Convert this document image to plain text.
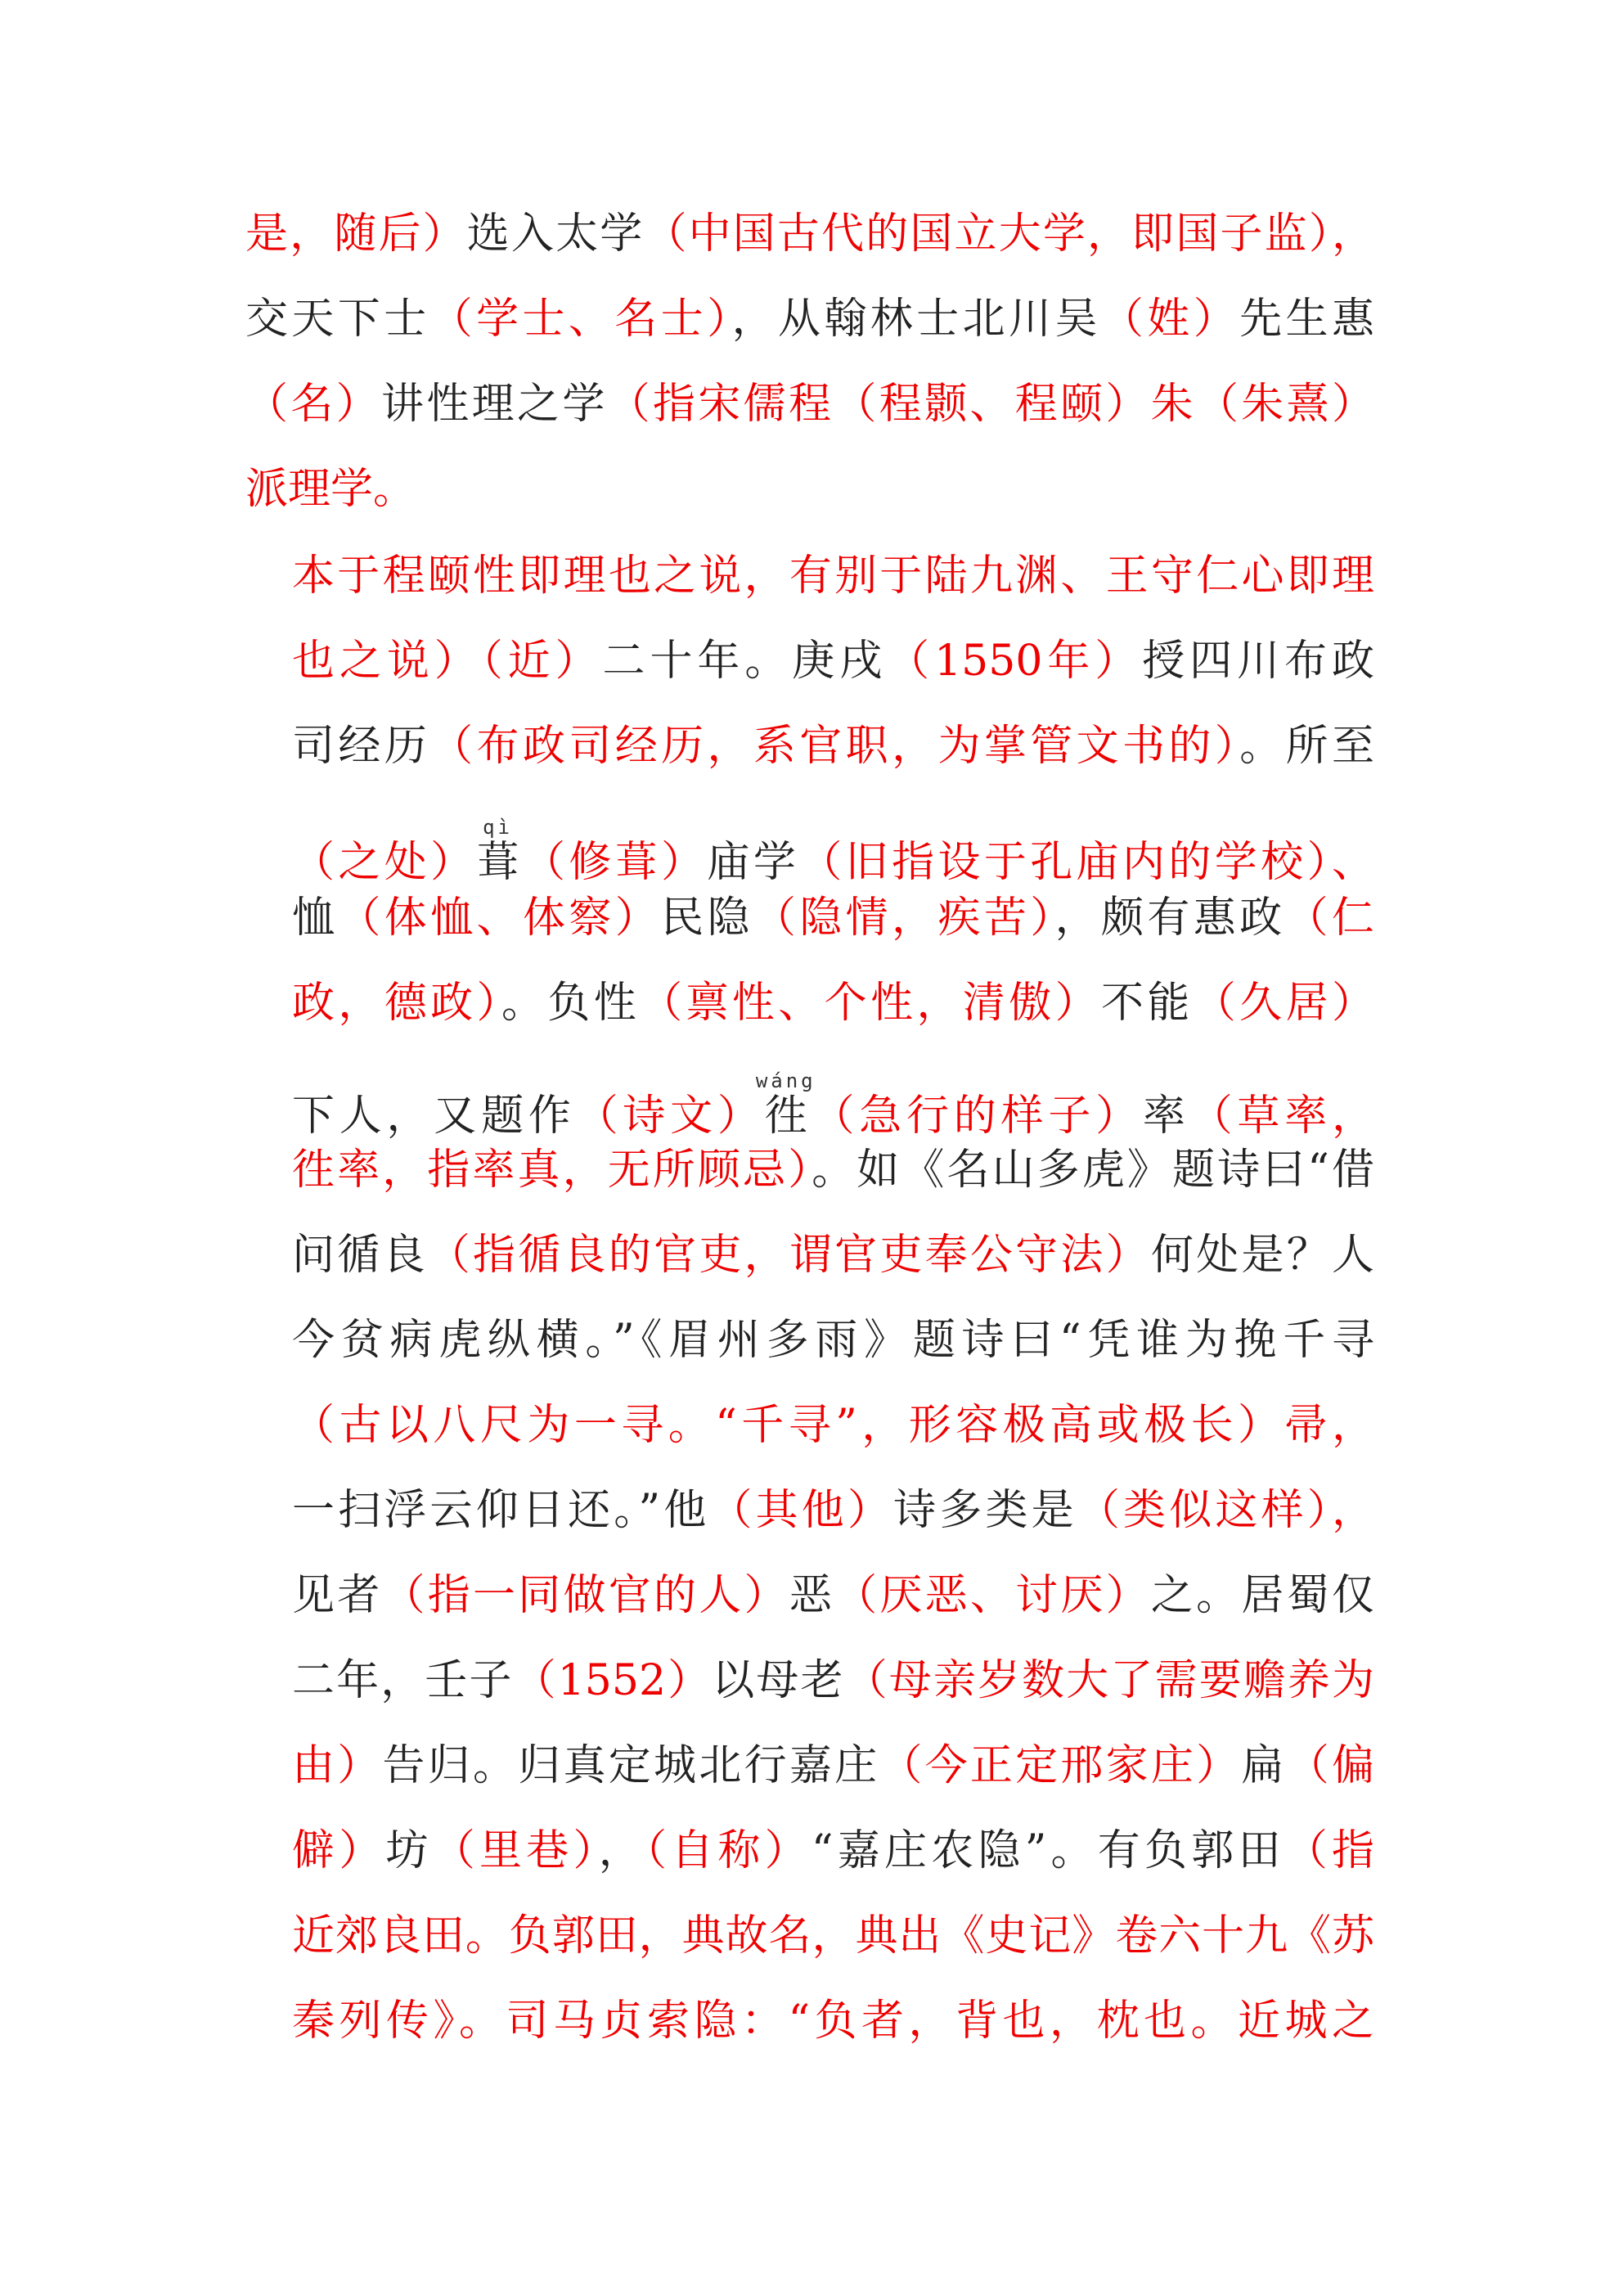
是，随后）选入太学（中国古代的国立大学，即国子监），
交天下士（学士、名士），从翰林士北川吴（姓）先生惠
（名）讲性理之学（指宋儒程（程颢、程颐）朱（朱熹）
派理学。
本于程颐性即理也之说，有别于陆九渊、王守仁心即理
也之说）（近）二十年。庚戌（1550年）授四川布政
司经历（布政司经历，系官职，为掌管文书的）。所至
（之处）葺qì（修葺）庙学（旧指设于孔庙内的学校）、
恤（体恤、体察）民隐（隐情，疾苦），颇有惠政（仁
政，德政）。负性（禀性、个性，清傲）不能（久居）
下人，又题作（诗文）徃wáng（急行的样子）率（草率，
徃率，指率真，无所顾忌）。如《名山多虎》题诗曰“借
问循良（指循良的官吏，谓官吏奉公守法）何处是？人
今贫病虎纵横。”《眉州多雨》题诗曰“凭谁为挽千寻
（古以八尺为一寻。“千寻”，形容极高或极长）帚，
一扫浮云仰日还。”他（其他）诗多类是（类似这样），
见者（指一同做官的人）恶（厌恶、讨厌）之。居蜀仅
二年，壬子（1552）以母老（母亲岁数大了需要赡养为
由）告归。归真定城北行嘉庄（今正定邢家庄）扁（偏
僻）坊（里巷），（自称）“嘉庄农隐”。有负郭田（指
近郊良田。负郭田，典故名，典出《史记》卷六十九《苏
秦列传》。司马贞索隐：“负者，背也，枕也。近城之
